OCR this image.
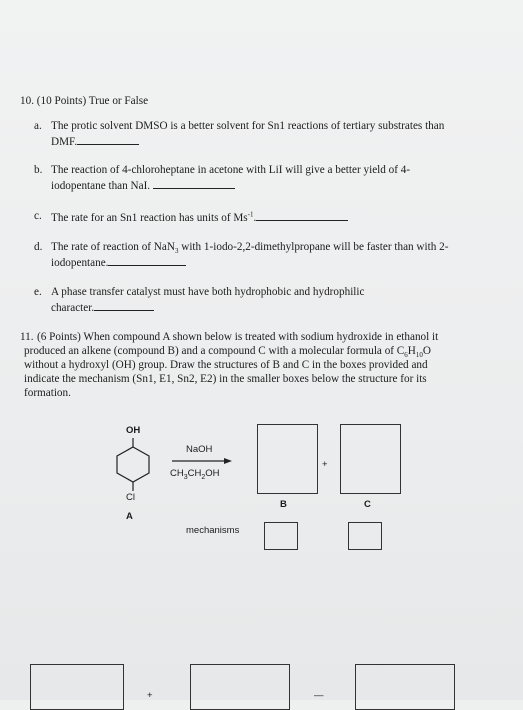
10. (10 Points) True or False
a. The protic solvent DMSO is a better solvent for Sn1 reactions of tertiary substrates than
DMF.
b. The reaction of 4-chloroheptane in acetone with LiI will give a better yield of 4-
iodopentane than NaI.
c. The rate for an Sn1 reaction has units of $Ms^{-1}$.
d. The rate of reaction of NaN$_3$ with 1-iodo-2,2-dimethylpropane will be faster than with 2-
iodopentane.
e. A phase transfer catalyst must have both hydrophobic and hydrophilic
character.
11. (6 Points) When compound A shown below is treated with sodium hydroxide in ethanol it
produced an alkene (compound B) and a compound C with a molecular formula of $C_6H_{10}O$
without a hydroxyl (OH) group. Draw the structures of B and C in the boxes provided and
indicate the mechanism (Sn1, E1, Sn2, E2) in the smaller boxes below the structure for its
formation.
OH
Cl
A
NaOH
$CH_3CH_2OH$
+
B	C
mechanisms
+	—
